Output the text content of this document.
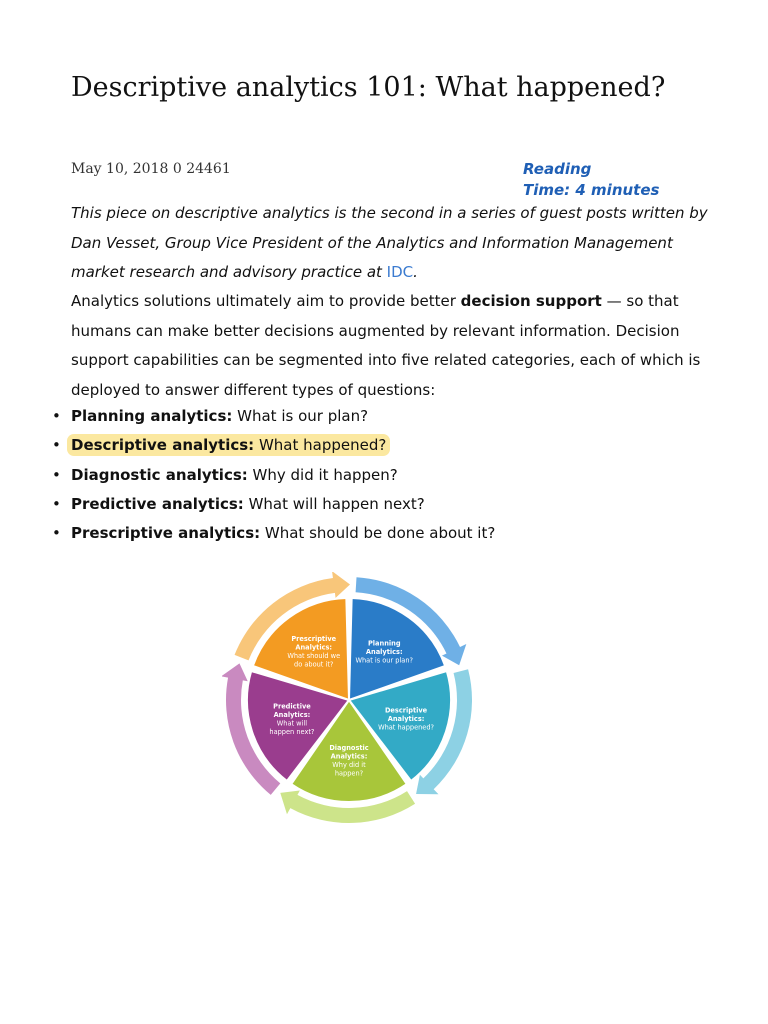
Descriptive analytics 101: What happened?
May 10, 2018 0 24461	Reading
Time: 4 minutes

This piece on descriptive analytics is the second in a series of guest posts written by Dan Vesset, Group Vice President of the Analytics and Information Management market research and advisory practice at IDC.

Analytics solutions ultimately aim to provide better decision support — so that humans can make better decisions augmented by relevant information. Decision support capabilities can be segmented into five related categories, each of which is deployed to answer different types of questions:

• Planning analytics: What is our plan?
• Descriptive analytics: What happened?
• Diagnostic analytics: Why did it happen?
• Predictive analytics: What will happen next?
• Prescriptive analytics: What should be done about it?
Planning
Analytics:
What is our plan?
Descriptive
Analytics:
What happened?
Diagnostic
Analytics:
Why did it
happen?
Predictive
Analytics:
What will
happen next?
Prescriptive
Analytics:
What should we
do about it?
